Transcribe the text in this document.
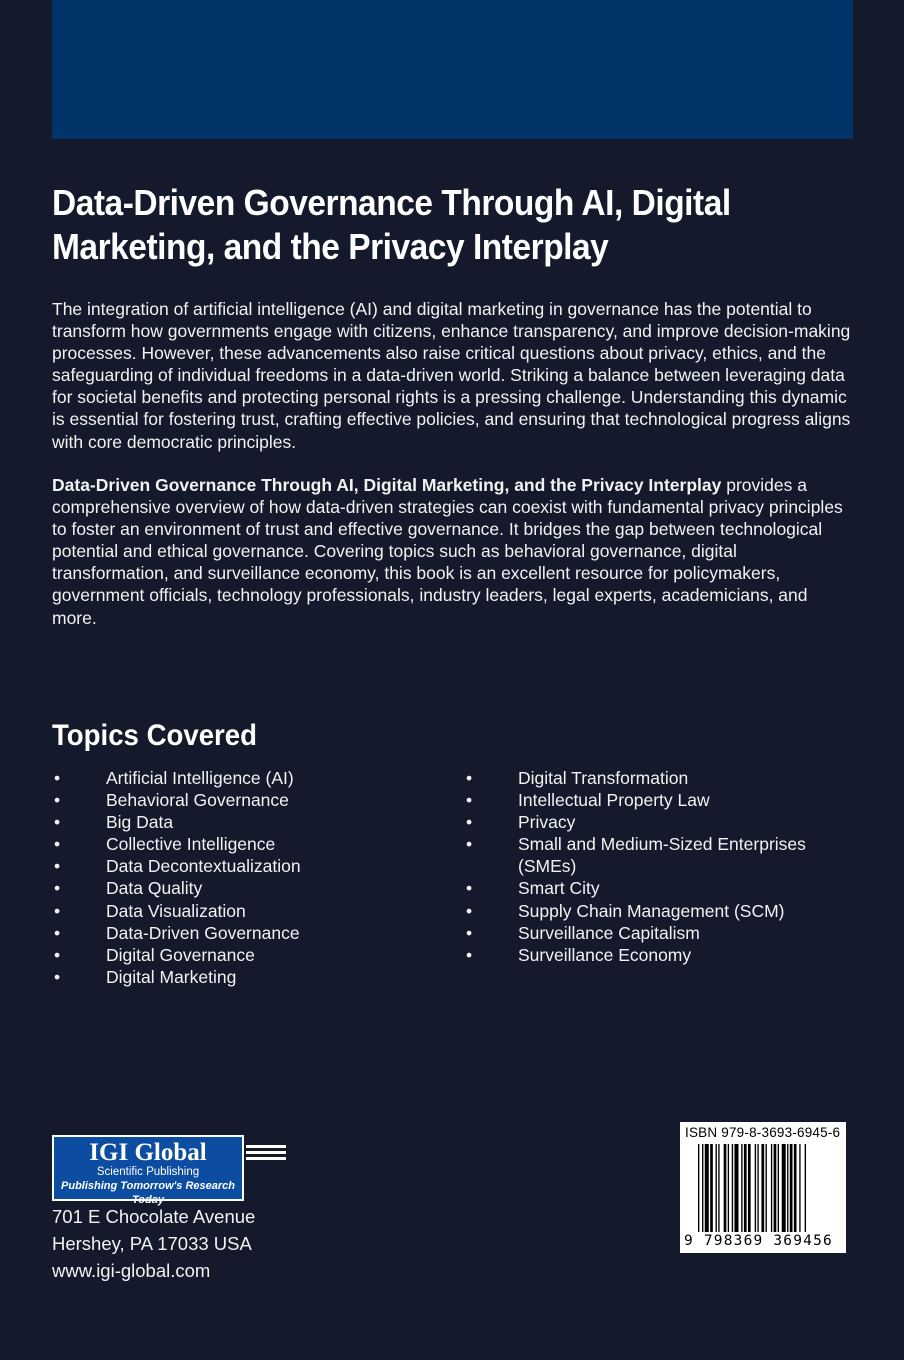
Data-Driven Governance Through AI, Digital Marketing, and the Privacy Interplay

The integration of artificial intelligence (AI) and digital marketing in governance has the potential to transform how governments engage with citizens, enhance transparency, and improve decision-making processes. However, these advancements also raise critical questions about privacy, ethics, and the safeguarding of individual freedoms in a data-driven world. Striking a balance between leveraging data for societal benefits and protecting personal rights is a pressing challenge. Understanding this dynamic is essential for fostering trust, crafting effective policies, and ensuring that technological progress aligns with core democratic principles.

Data-Driven Governance Through AI, Digital Marketing, and the Privacy Interplay provides a comprehensive overview of how data-driven strategies can coexist with fundamental privacy principles to foster an environment of trust and effective governance. It bridges the gap between technological potential and ethical governance. Covering topics such as behavioral governance, digital transformation, and surveillance economy, this book is an excellent resource for policymakers, government officials, technology professionals, industry leaders, legal experts, academicians, and more.

Topics Covered
•	Artificial Intelligence (AI)
•	Behavioral Governance
•	Big Data
•	Collective Intelligence
•	Data Decontextualization
•	Data Quality
•	Data Visualization
•	Data-Driven Governance
•	Digital Governance
•	Digital Marketing
•	Digital Transformation
•	Intellectual Property Law
•	Privacy
•	Small and Medium-Sized Enterprises (SMEs)
•	Smart City
•	Supply Chain Management (SCM)
•	Surveillance Capitalism
•	Surveillance Economy
IGI Global
Scientific Publishing
Publishing Tomorrow's Research Today

701 E Chocolate Avenue
Hershey, PA 17033 USA
www.igi-global.com

ISBN 979-8-3693-6945-6
9 798369 369456
